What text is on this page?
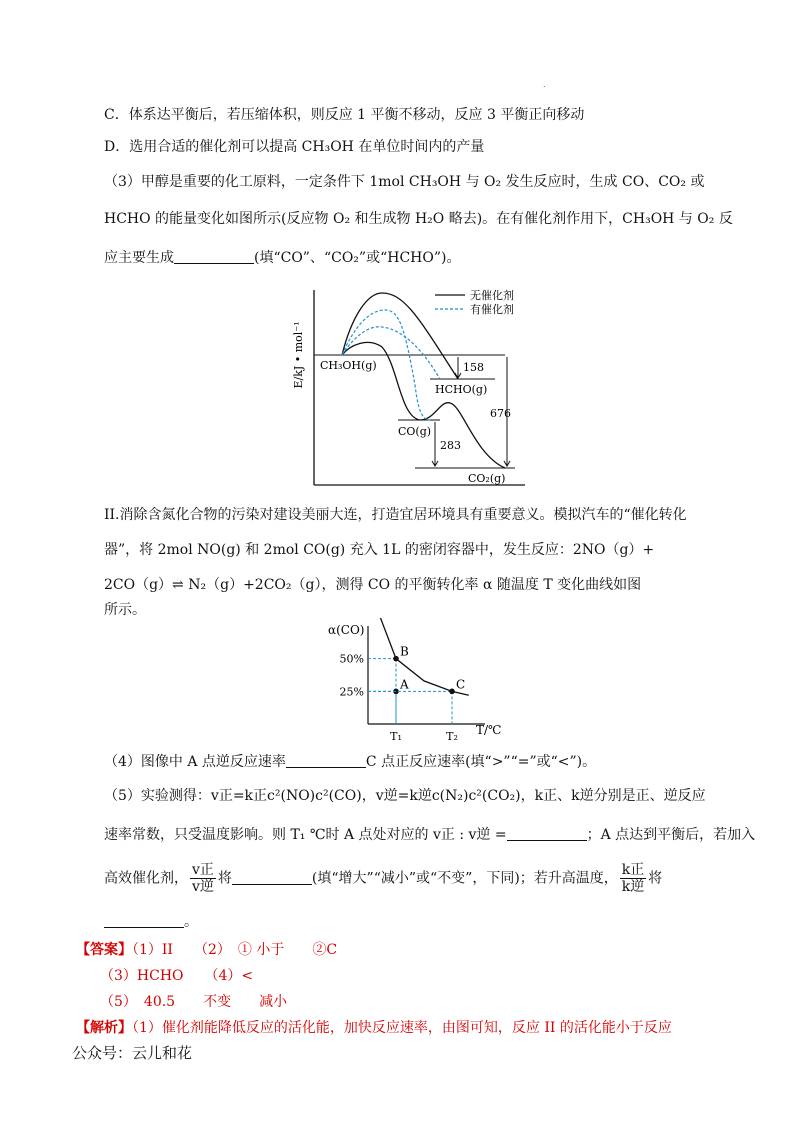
.
C．体系达平衡后，若压缩体积，则反应 1 平衡不移动，反应 3 平衡正向移动
D．选用合适的催化剂可以提高 CH₃OH 在单位时间内的产量
（3）甲醇是重要的化工原料，一定条件下 1mol CH₃OH 与 O₂ 发生反应时，生成 CO、CO₂ 或
HCHO 的能量变化如图所示(反应物 O₂ 和生成物 H₂O 略去)。在有催化剂作用下，CH₃OH 与 O₂ 反
应主要生成	(填“CO”、“CO₂”或“HCHO”)。
E/kJ • mol⁻¹
无催化剂
有催化剂
CH₃OH(g)
HCHO(g)
CO(g)
CO₂(g)
158
283
676
II.消除含氮化合物的污染对建设美丽大连，打造宜居环境具有重要意义。模拟汽车的“催化转化
器”，将 2mol NO(g) 和 2mol CO(g) 充入 1L 的密闭容器中，发生反应：2NO（g）+
2CO（g）⇌ N₂（g）+2CO₂（g），测得 CO 的平衡转化率 α 随温度 T 变化曲线如图
所示。
α(CO)
T/℃
25%
50%
T₁	T₂
B
A	C
（4）图像中 A 点逆反应速率	C 点正反应速率(填“>”“=”或“<”)。
（5）实验测得：v正=k正c²(NO)c²(CO)，v逆=k逆c(N₂)c²(CO₂)，k正、k逆分别是正、逆反应
速率常数，只受温度影响。则 T₁ ℃时 A 点处对应的 v正 : v逆 =	；A 点达到平衡后，若加入
高效催化剂， $\frac{\text{v正}}{\text{v逆}}$ 将	(填“增大”“减小”或“不变”，下同)；若升高温度， $\frac{\text{k正}}{\text{k逆}}$ 将
。
【答案】（1）II　　（2）　① 小于　　②C
（3）HCHO　　（4）<
（5）　40.5　　不变　　减小
【解析】（1）催化剂能降低反应的活化能，加快反应速率，由图可知，反应 II 的活化能小于反应
公众号：云儿和花
